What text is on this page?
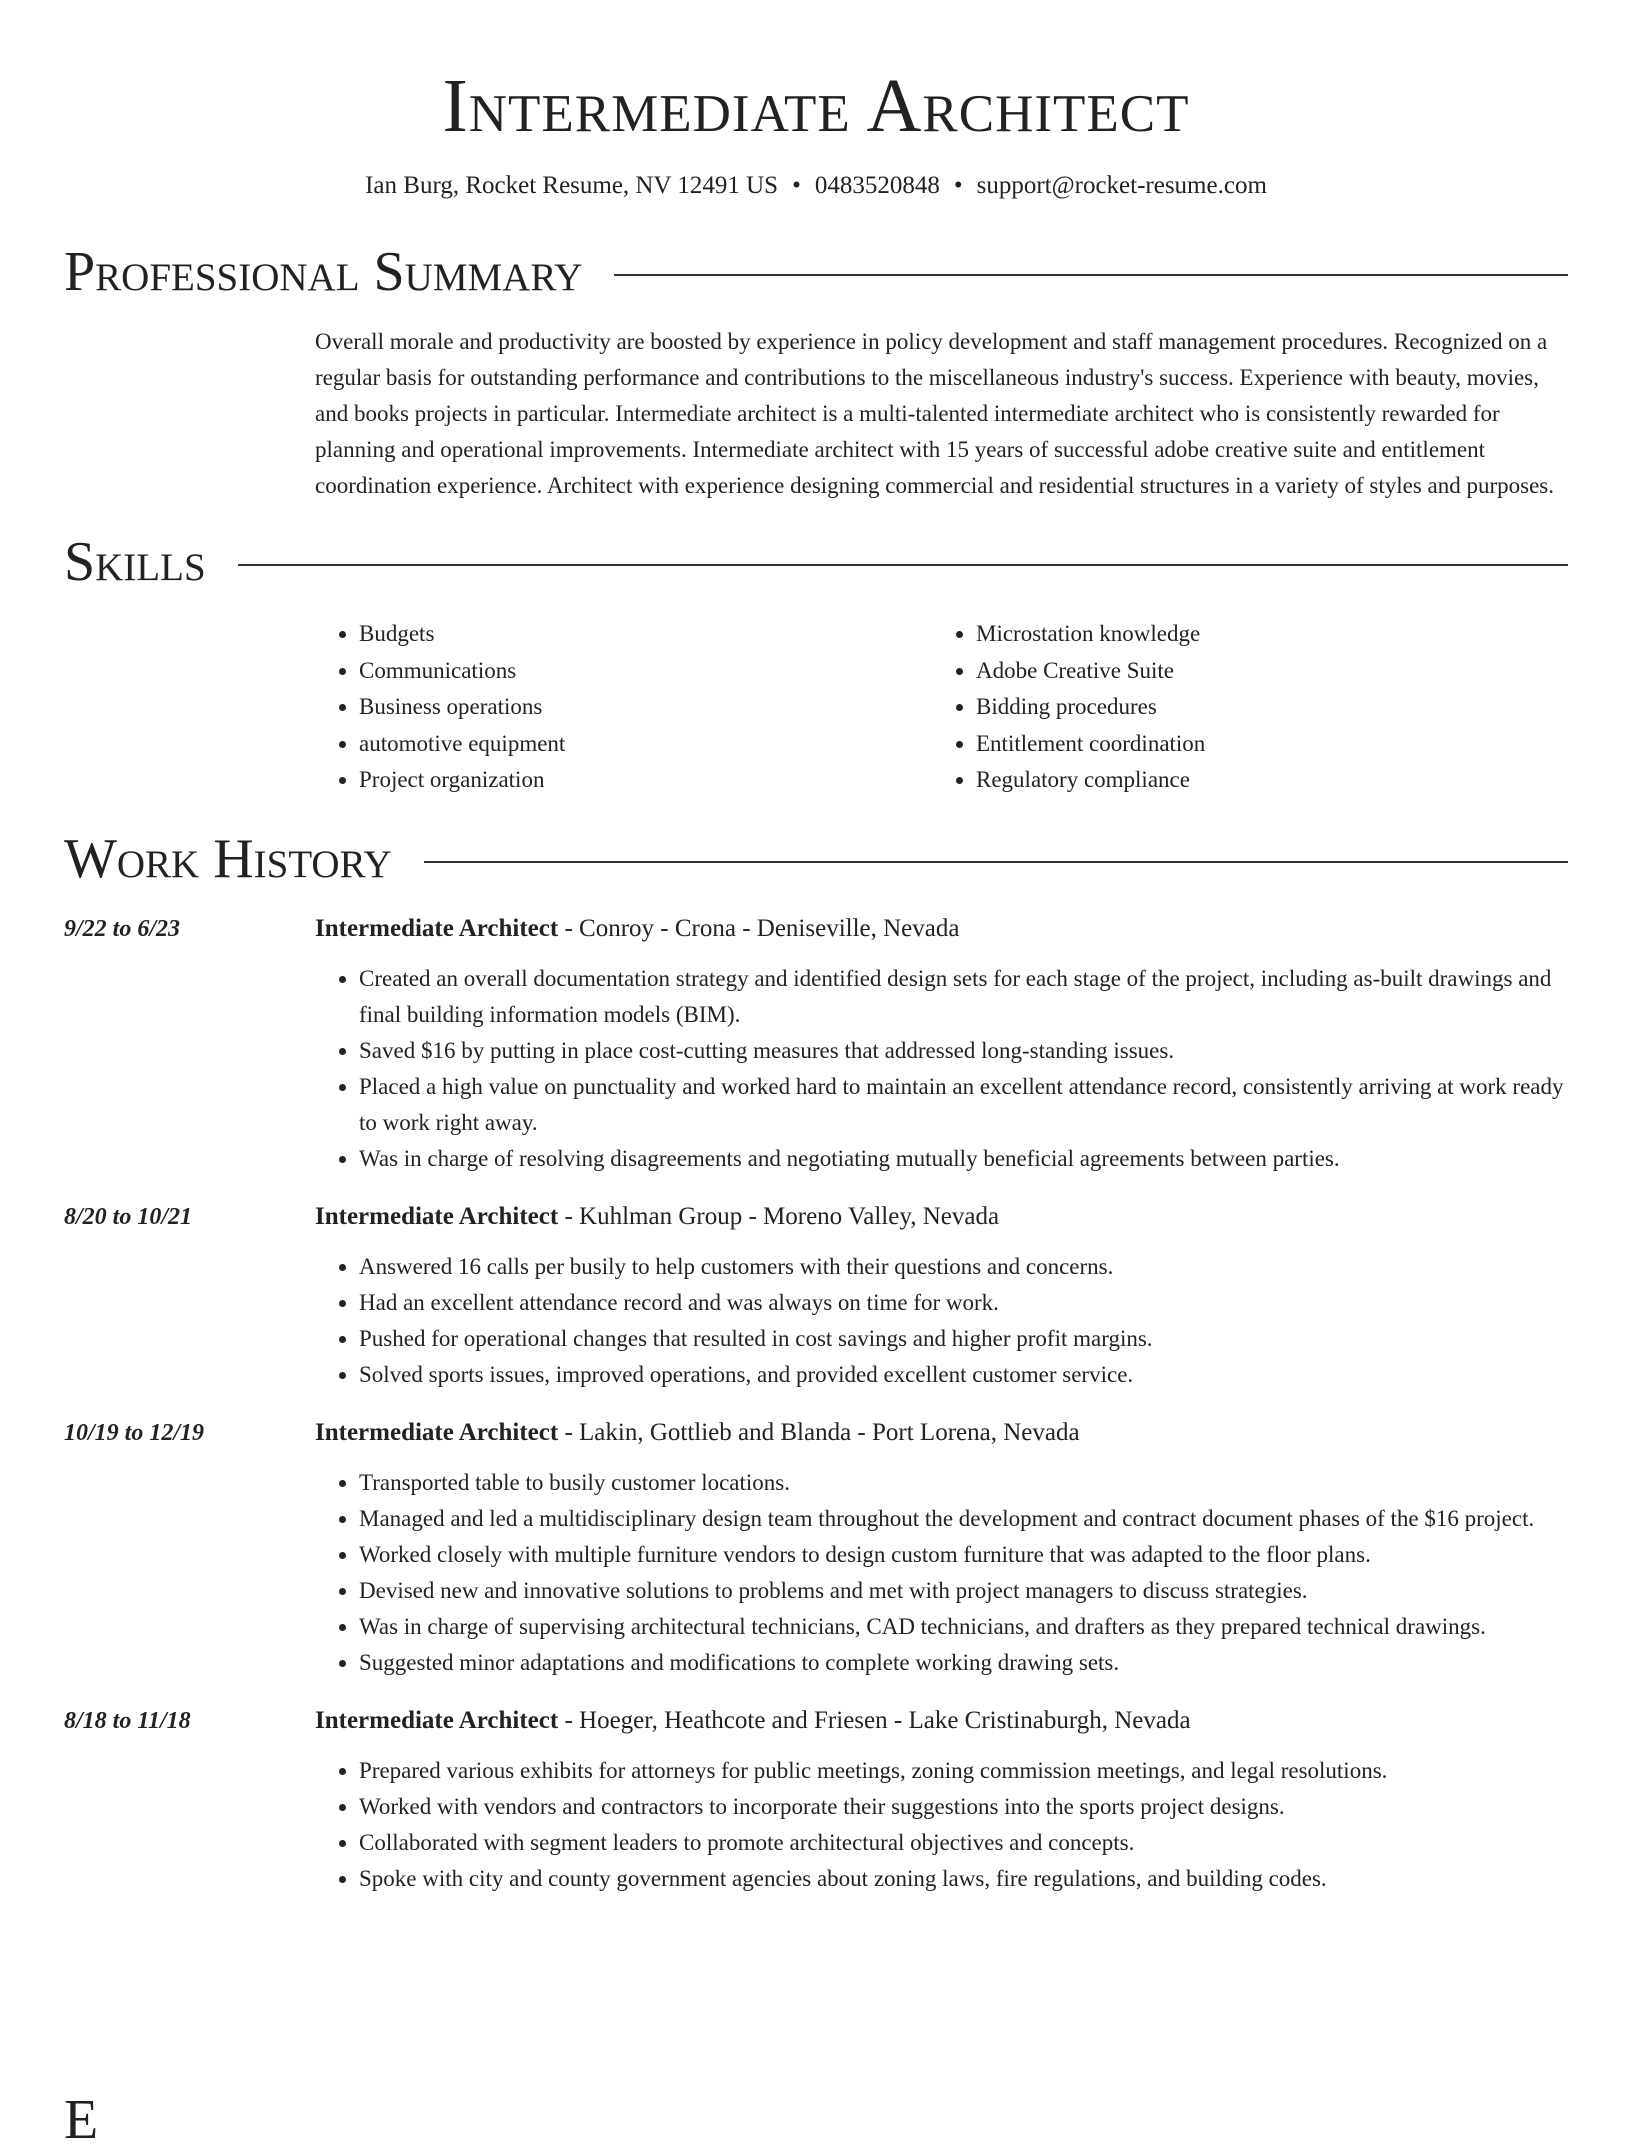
Intermediate Architect
Ian Burg, Rocket Resume, NV 12491 US • 0483520848 • support@rocket-resume.com
Professional Summary
Overall morale and productivity are boosted by experience in policy development and staff management procedures. Recognized on a regular basis for outstanding performance and contributions to the miscellaneous industry's success. Experience with beauty, movies, and books projects in particular. Intermediate architect is a multi-talented intermediate architect who is consistently rewarded for planning and operational improvements. Intermediate architect with 15 years of successful adobe creative suite and entitlement coordination experience. Architect with experience designing commercial and residential structures in a variety of styles and purposes.
Skills
• Budgets
• Communications
• Business operations
• automotive equipment
• Project organization
• Microstation knowledge
• Adobe Creative Suite
• Bidding procedures
• Entitlement coordination
• Regulatory compliance
Work History
9/22 to 6/23	Intermediate Architect - Conroy - Crona - Deniseville, Nevada
• Created an overall documentation strategy and identified design sets for each stage of the project, including as-built drawings and final building information models (BIM).
• Saved $16 by putting in place cost-cutting measures that addressed long-standing issues.
• Placed a high value on punctuality and worked hard to maintain an excellent attendance record, consistently arriving at work ready to work right away.
• Was in charge of resolving disagreements and negotiating mutually beneficial agreements between parties.
8/20 to 10/21	Intermediate Architect - Kuhlman Group - Moreno Valley, Nevada
• Answered 16 calls per busily to help customers with their questions and concerns.
• Had an excellent attendance record and was always on time for work.
• Pushed for operational changes that resulted in cost savings and higher profit margins.
• Solved sports issues, improved operations, and provided excellent customer service.
10/19 to 12/19	Intermediate Architect - Lakin, Gottlieb and Blanda - Port Lorena, Nevada
• Transported table to busily customer locations.
• Managed and led a multidisciplinary design team throughout the development and contract document phases of the $16 project.
• Worked closely with multiple furniture vendors to design custom furniture that was adapted to the floor plans.
• Devised new and innovative solutions to problems and met with project managers to discuss strategies.
• Was in charge of supervising architectural technicians, CAD technicians, and drafters as they prepared technical drawings.
• Suggested minor adaptations and modifications to complete working drawing sets.
8/18 to 11/18	Intermediate Architect - Hoeger, Heathcote and Friesen - Lake Cristinaburgh, Nevada
• Prepared various exhibits for attorneys for public meetings, zoning commission meetings, and legal resolutions.
• Worked with vendors and contractors to incorporate their suggestions into the sports project designs.
• Collaborated with segment leaders to promote architectural objectives and concepts.
• Spoke with city and county government agencies about zoning laws, fire regulations, and building codes.
E
